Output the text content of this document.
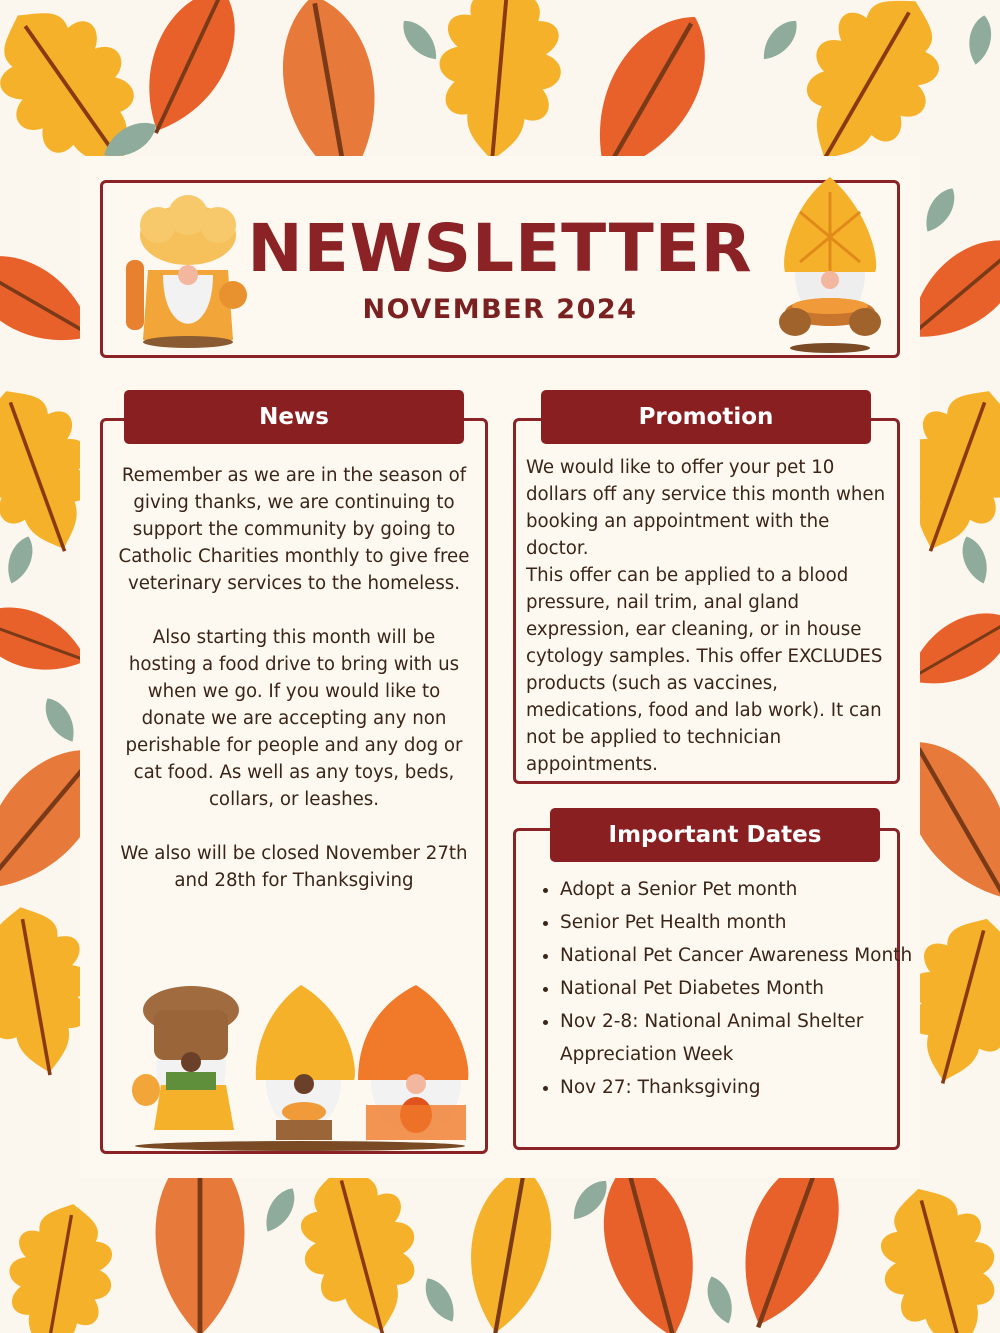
NEWSLETTER
NOVEMBER 2024
News

Remember as we are in the season of giving thanks, we are continuing to support the community by going to Catholic Charities monthly to give free veterinary services to the homeless.

Also starting this month will be hosting a food drive to bring with us when we go. If you would like to donate we are accepting any non perishable for people and any dog or cat food. As well as any toys, beds, collars, or leashes.

We also will be closed November 27th and 28th for Thanksgiving

Promotion

We would like to offer your pet 10 dollars off any service this month when booking an appointment with the doctor.

This offer can be applied to a blood pressure, nail trim, anal gland expression, ear cleaning, or in house cytology samples. This offer EXCLUDES products (such as vaccines, medications, food and lab work). It can not be applied to technician appointments.

Important Dates
• Adopt a Senior Pet month
• Senior Pet Health month
• National Pet Cancer Awareness Month
• National Pet Diabetes Month
• Nov 2-8: National Animal Shelter Appreciation Week
• Nov 27: Thanksgiving
